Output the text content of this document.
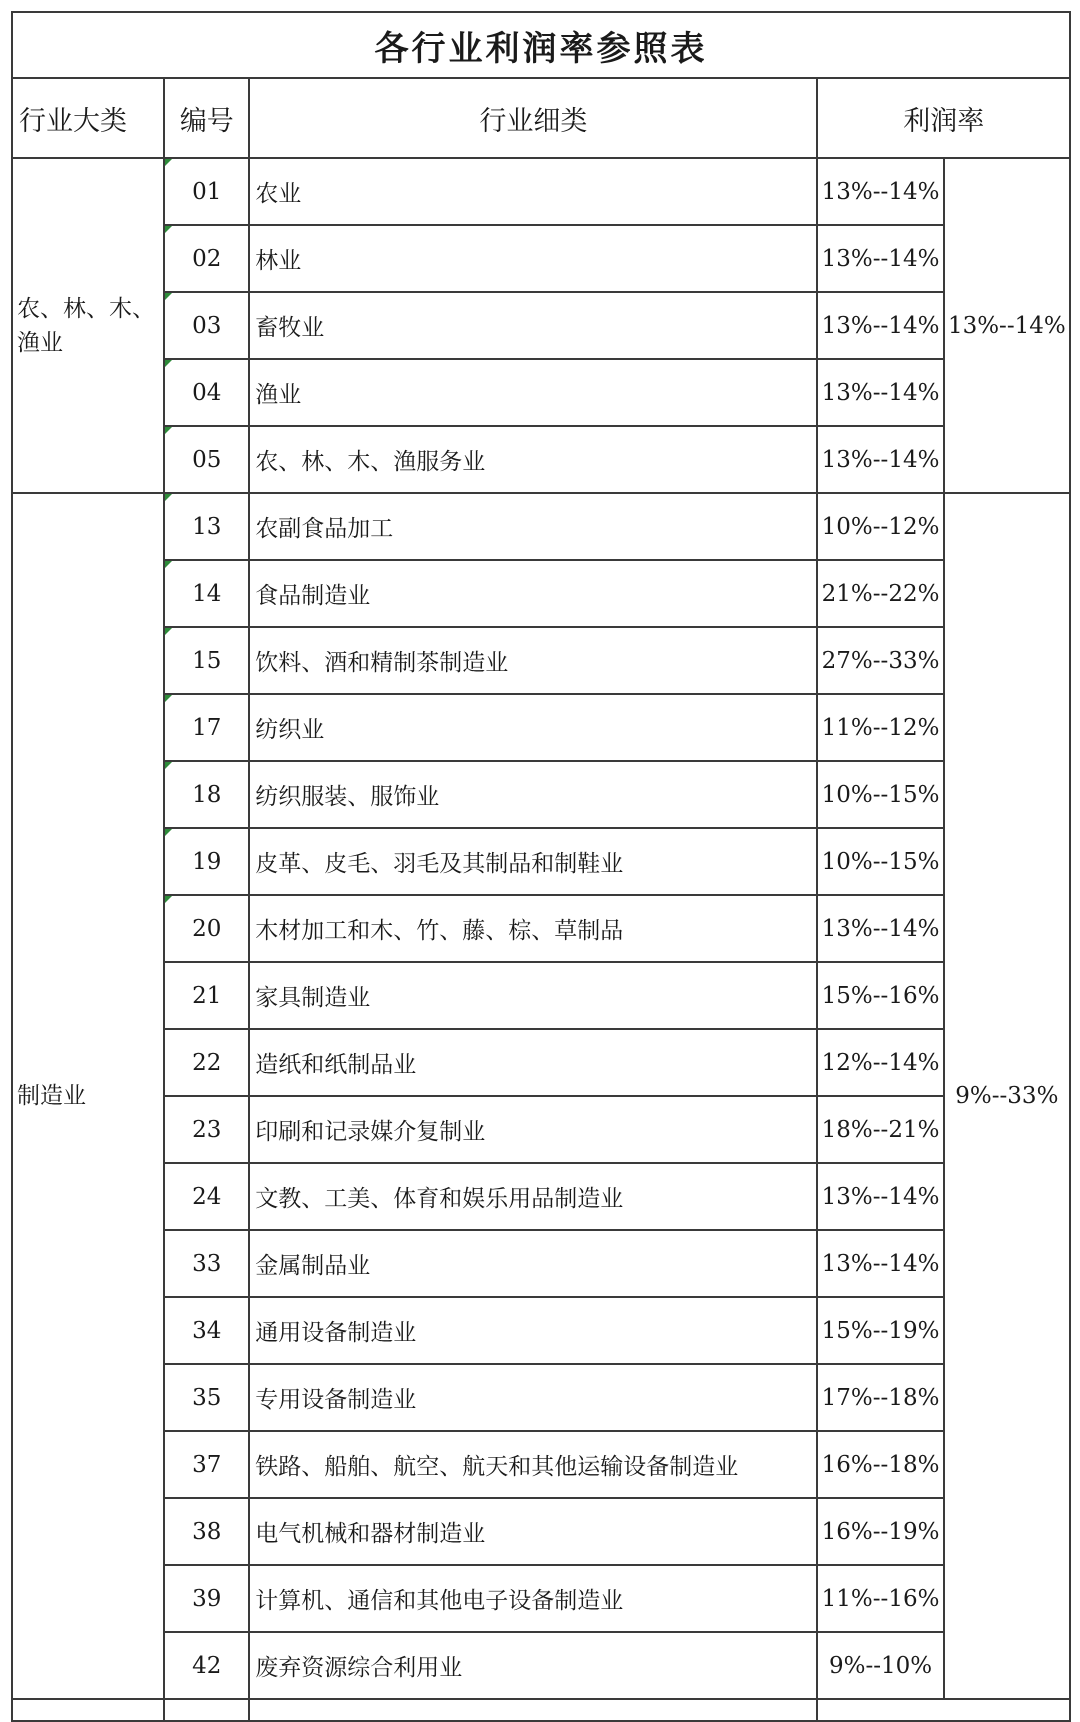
各行业利润率参照表				
行业大类	编号	行业细类	利润率	
农、林、木、渔业	01	农业	13%--14%	13%--14%
	02	林业	13%--14%	
	03	畜牧业	13%--14%	
	04	渔业	13%--14%	
	05	农、林、木、渔服务业	13%--14%	
制造业	13	农副食品加工	10%--12%	9%--33%
	14	食品制造业	21%--22%	
	15	饮料、酒和精制茶制造业	27%--33%	
	17	纺织业	11%--12%	
	18	纺织服装、服饰业	10%--15%	
	19	皮革、皮毛、羽毛及其制品和制鞋业	10%--15%	
	20	木材加工和木、竹、藤、棕、草制品	13%--14%	
	21	家具制造业	15%--16%	
	22	造纸和纸制品业	12%--14%	
	23	印刷和记录媒介复制业	18%--21%	
	24	文教、工美、体育和娱乐用品制造业	13%--14%	
	33	金属制品业	13%--14%	
	34	通用设备制造业	15%--19%	
	35	专用设备制造业	17%--18%	
	37	铁路、船舶、航空、航天和其他运输设备制造业	16%--18%	
	38	电气机械和器材制造业	16%--19%	
	39	计算机、通信和其他电子设备制造业	11%--16%	
	42	废弃资源综合利用业	9%--10%	
